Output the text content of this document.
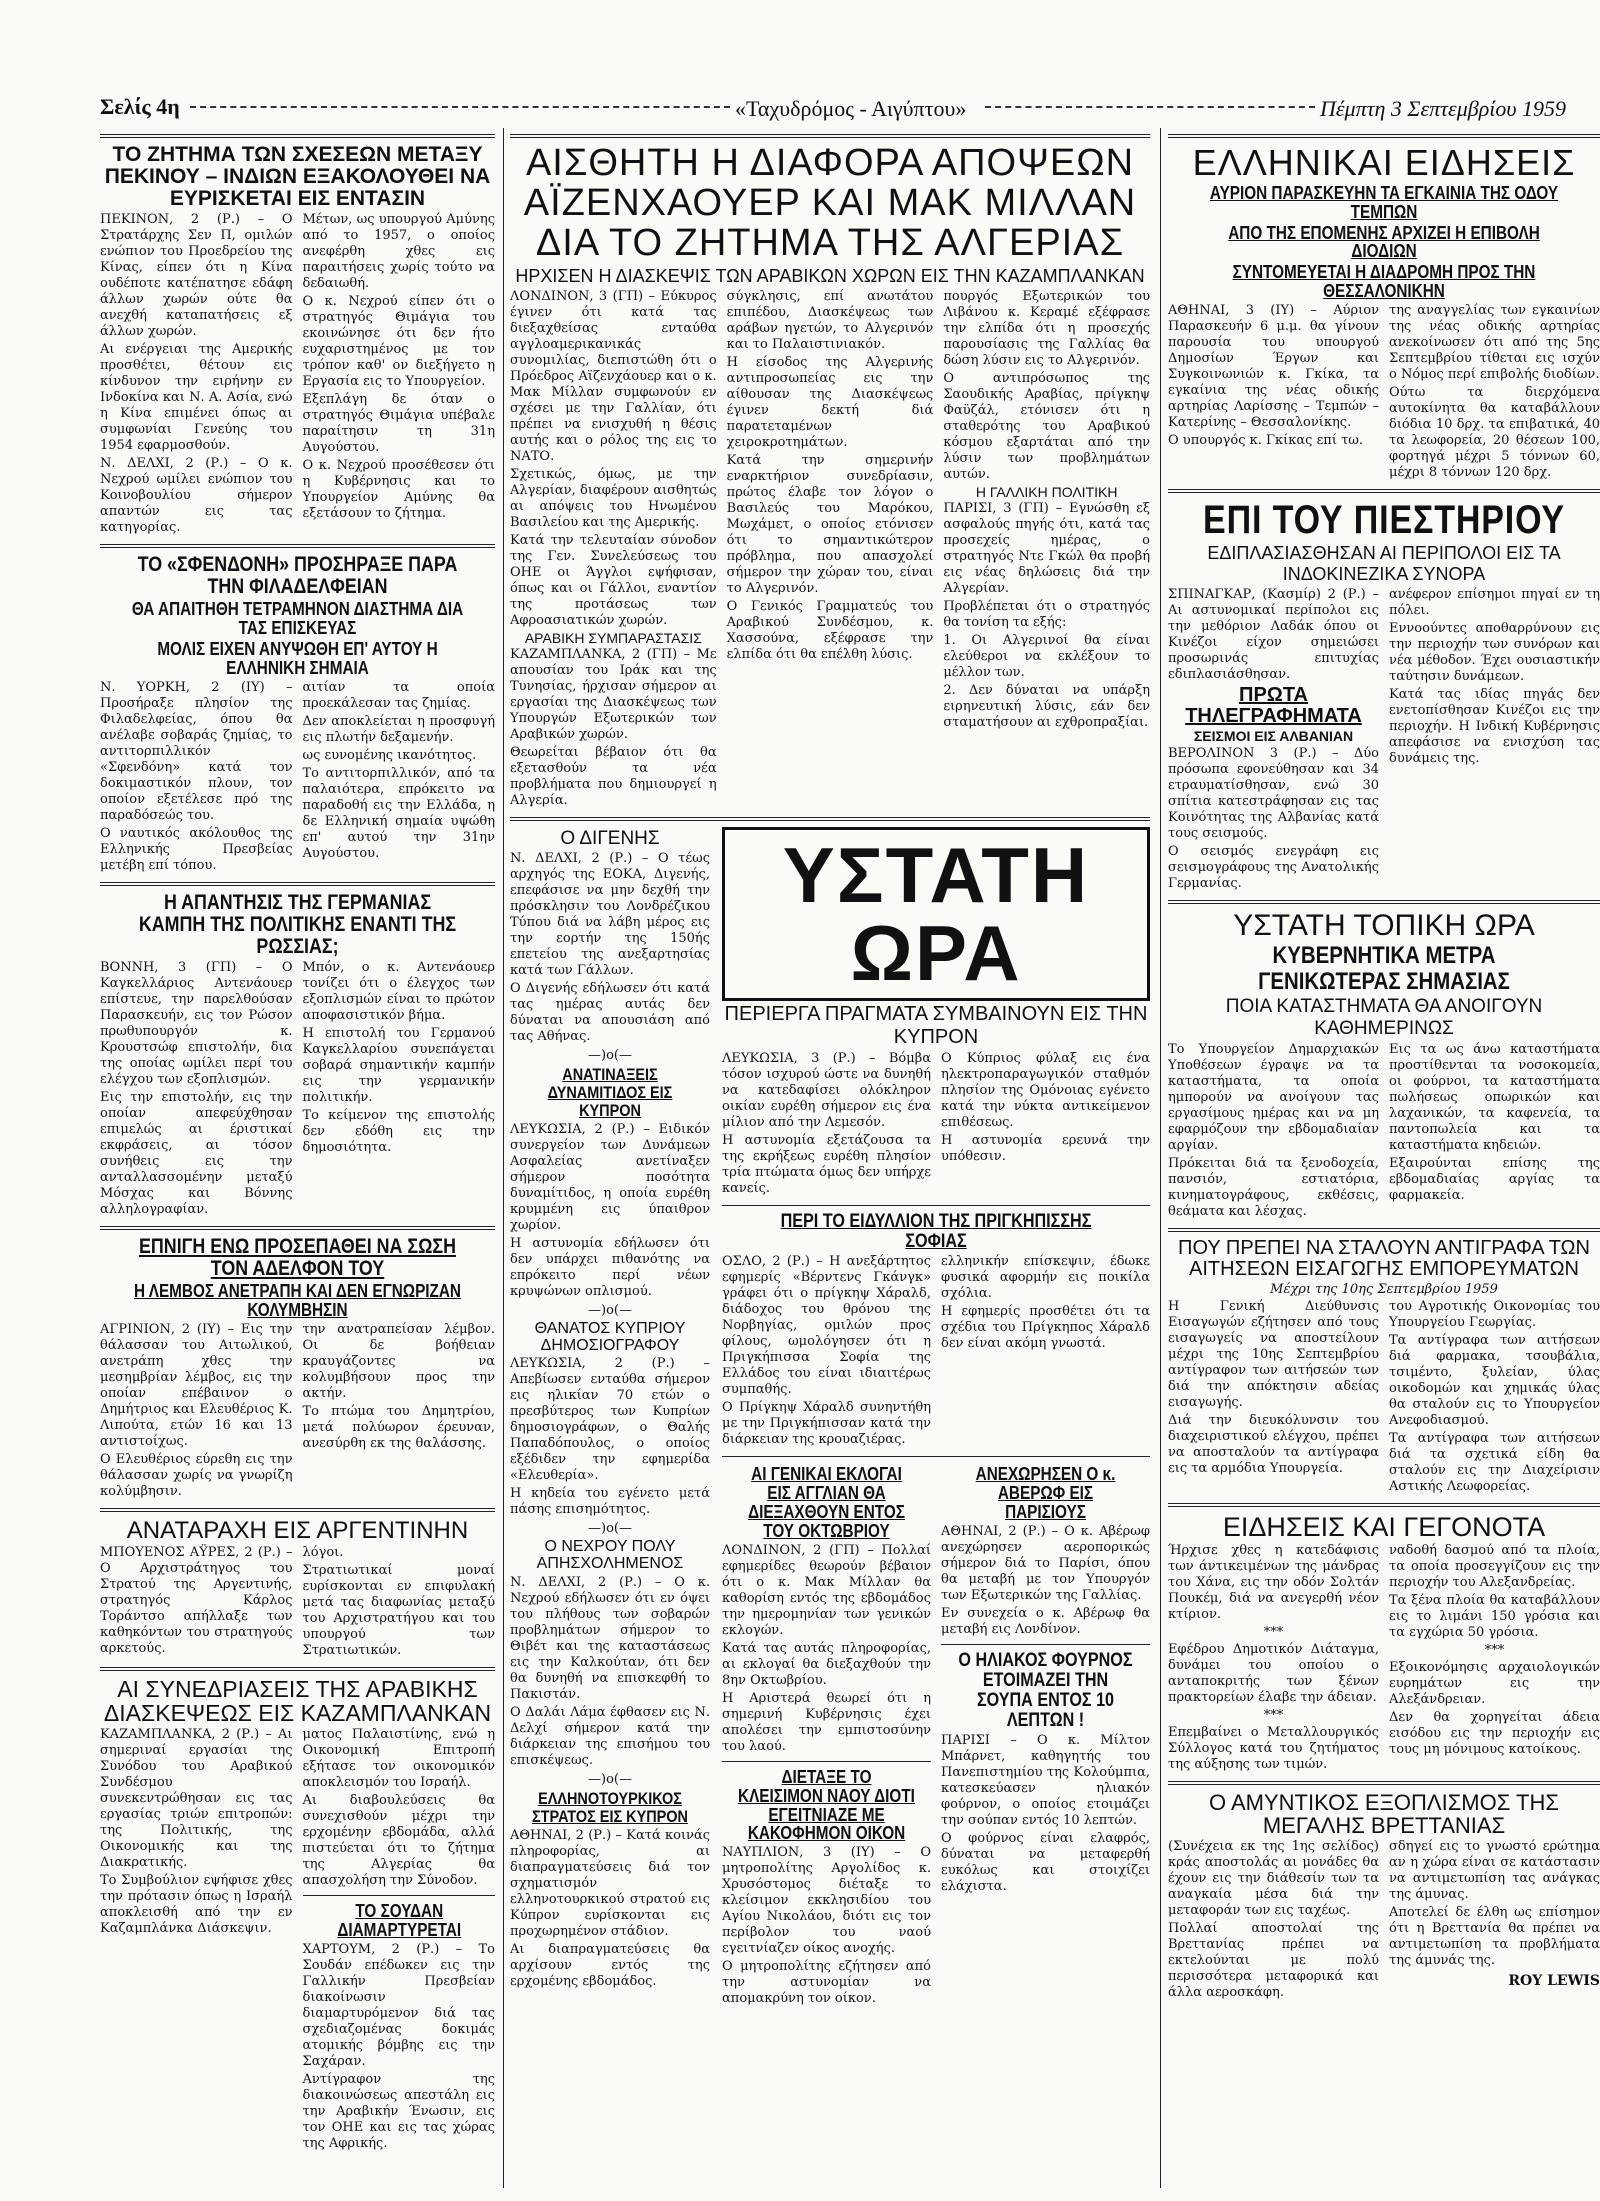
Σελίς 4η	«Ταχυδρόμος - Αιγύπτου»	Πέμπτη 3 Σεπτεμβρίου 1959
ΤΟ ΖΗΤΗΜΑ ΤΩΝ ΣΧΕΣΕΩΝ ΜΕΤΑΞΥ ΠΕΚΙΝΟΥ – ΙΝΔΙΩΝ ΕΞΑΚΟΛΟΥΘΕΙ ΝΑ ΕΥΡΙΣΚΕΤΑΙ ΕΙΣ ΕΝΤΑΣΙΝ

ΠΕΚΙΝΟΝ, 2 (Ρ.) – Ο Στρατάρχης Σεν Π, ομιλών ενώπιον του Προεδρείου της Κίνας, είπεν ότι η Κίνα ουδέποτε κατέπατησε εδάφη άλλων χωρών ούτε θα ανεχθή καταπατήσεις εξ άλλων χωρών.

Αι ενέργειαι της Αμερικής προσθέτει, θέτουν εις κίνδυνον την ειρήνην εν Ινδοκίνα και Ν. Α. Ασία, ενώ η Κίνα επιμένει όπως αι συμφωνίαι Γενεύης του 1954 εφαρμοσθούν.

Ν. ΔΕΛΧΙ, 2 (Ρ.) – Ο κ. Νεχρού ωμίλει ενώπιον του Κοινοβουλίου σήμερον απαντών εις τας κατηγορίας.

Μέτων, ως υπουργού Αμύνης από το 1957, ο οποίος ανεφέρθη χθες εις παραιτήσεις χωρίς τούτο να δεδαιωθή.

Ο κ. Νεχρού είπεν ότι ο στρατηγός Θιμάγια του εκοινώνησε ότι δεν ήτο ευχαριστημένος με τον τρόπον καθ' ον διεξήγετο η Εργασία εις το Υπουργείον.

Εξεπλάγη δε όταν ο στρατηγός Θιμάγια υπέβαλε παραίτησιν τη 31η Αυγούστου.

Ο κ. Νεχρού προσέθεσεν ότι η Κυβέρνησις και το Υπουργείον Αμύνης θα εξετάσουν το ζήτημα.

ΤΟ «ΣΦΕΝΔΟΝΗ» ΠΡΟΣΗΡΑΞΕ ΠΑΡΑ ΤΗΝ ΦΙΛΑΔΕΛΦΕΙΑΝ
ΘΑ ΑΠΑΙΤΗΘΗ ΤΕΤΡΑΜΗΝΟΝ ΔΙΑΣΤΗΜΑ ΔΙΑ ΤΑΣ ΕΠΙΣΚΕΥΑΣ
ΜΟΛΙΣ ΕΙΧΕΝ ΑΝΥΨΩΘΗ ΕΠ' ΑΥΤΟΥ Η ΕΛΛΗΝΙΚΗ ΣΗΜΑΙΑ

Ν. ΥΟΡΚΗ, 2 (ΙΥ) – Προσήραξε πλησίον της Φιλαδελφείας, όπου θα ανέλαβε σοβαράς ζημίας, το αντιτορπιλλικόν «Σφενδόνη» κατά τον δοκιμαστικόν πλουν, τον οποίον εξετέλεσε πρό της παραδόσεώς του.

Ο ναυτικός ακόλουθος της Ελληνικής Πρεσβείας μετέβη επί τόπου.

αιτίαν τα οποία προεκάλεσαν τας ζημίας.

Δεν αποκλείεται η προσφυγή εις πλωτήν δεξαμενήν.

ως ευνομένης ικανότητος.

Το αντιτορπιλλικόν, από τα παλαιότερα, επρόκειτο να παραδοθή εις την Ελλάδα, η δε Ελληνική σημαία υψώθη επ' αυτού την 31ην Αυγούστου.

Η ΑΠΑΝΤΗΣΙΣ ΤΗΣ ΓΕΡΜΑΝΙΑΣ ΚΑΜΠΗ ΤΗΣ ΠΟΛΙΤΙΚΗΣ ΕΝΑΝΤΙ ΤΗΣ ΡΩΣΣΙΑΣ;

ΒΟΝΝΗ, 3 (ΓΠ) – Ο Καγκελλάριος Αντενάουερ επίστευε, την παρελθούσαν Παρασκευήν, εις τον Ρώσον πρωθυπουργόν κ. Κρουστσώφ επιστολήν, δια της οποίας ωμίλει περί του ελέγχου των εξοπλισμών.

Εις την επιστολήν, εις την οποίαν απεφεύχθησαν επιμελώς αι έριστικαί εκφράσεις, αι τόσον συνήθεις εις την ανταλλασσομένην μεταξύ Μόσχας και Βόννης αλληλογραφίαν.

Μπόν, ο κ. Αντενάουερ τονίζει ότι ο έλεγχος των εξοπλισμών είναι το πρώτον αποφασιστικόν βήμα.

Η επιστολή του Γερμανού Καγκελλαρίου συνεπάγεται σοβαρά σημαντικήν καμπήν εις την γερμανικήν πολιτικήν.

Το κείμενον της επιστολής δεν εδόθη εις την δημοσιότητα.

ΕΠΝΙΓΗ ΕΝΩ ΠΡΟΣΕΠΑΘΕΙ ΝΑ ΣΩΣΗ ΤΟΝ ΑΔΕΛΦΟΝ ΤΟΥ
Η ΛΕΜΒΟΣ ΑΝΕΤΡΑΠΗ ΚΑΙ ΔΕΝ ΕΓΝΩΡΙΖΑΝ ΚΟΛΥΜΒΗΣΙΝ

ΑΓΡΙΝΙΟΝ, 2 (ΙΥ) – Εις την θάλασσαν του Αιτωλικού, ανετράπη χθες την μεσημβρίαν λέμβος, εις την οποίαν επέβαινον ο Δημήτριος και Ελευθέριος Κ. Λιπούτα, ετών 16 και 13 αντιστοίχως.

Ο Ελευθέριος εύρεθη εις την θάλασσαν χωρίς να γνωρίζη κολύμβησιν.

την ανατραπείσαν λέμβον. Οι δε βοήθειαν κραυγάζοντες να κολυμβήσουν προς την ακτήν.

Το πτώμα του Δημητρίου, μετά πολύωρον έρευναν, ανεσύρθη εκ της θαλάσσης.

ΑΝΑΤΑΡΑΧΗ ΕΙΣ ΑΡΓΕΝΤΙΝΗΝ

ΜΠΟΥΕΝΟΣ ΑΫΡΕΣ, 2 (Ρ.) – Ο Αρχιστράτηγος του Στρατού της Αργεντινής, στρατηγός Κάρλος Τοράντσο απήλλαξε των καθηκόντων του στρατηγούς αρκετούς.

λόγοι.

Στρατιωτικαί μοναί ευρίσκονται εν επιφυλακή μετά τας διαφωνίας μεταξύ του Αρχιστρατήγου και του υπουργού των Στρατιωτικών.

ΑΙ ΣΥΝΕΔΡΙΑΣΕΙΣ ΤΗΣ ΑΡΑΒΙΚΗΣ ΔΙΑΣΚΕΨΕΩΣ ΕΙΣ ΚΑΖΑΜΠΛΑΝΚΑΝ

ΚΑΖΑΜΠΛΑΝΚΑ, 2 (Ρ.) – Αι σημεριναί εργασίαι της Συνόδου του Αραβικού Συνδέσμου συνεκεντρώθησαν εις τας εργασίας τριών επιτροπών: της Πολιτικής, της Οικονομικής και της Διακρατικής.

Το Συμβούλιον εψήφισε χθες την πρότασιν όπως η Ισραήλ αποκλεισθή από την εν Καζαμπλάνκα Διάσκεψιν.

ματος Παλαιστίνης, ενώ η Οικονομική Επιτροπή εξήτασε τον οικονομικόν αποκλεισμόν του Ισραήλ.

Αι διαβουλεύσεις θα συνεχισθούν μέχρι την ερχομένην εβδομάδα, αλλά πιστεύεται ότι το ζήτημα της Αλγερίας θα απασχολήση την Σύνοδον.

ΤΟ ΣΟΥΔΑΝ ΔΙΑΜΑΡΤΥΡΕΤΑΙ

ΧΑΡΤΟΥΜ, 2 (Ρ.) – Το Σουδάν επέδωκεν εις την Γαλλικήν Πρεσβείαν διακοίνωσιν διαμαρτυρόμενον διά τας σχεδιαζομένας δοκιμάς ατομικής βόμβης εις την Σαχάραν.

Αντίγραφον της διακοινώσεως απεστάλη εις την Αραβικήν Ένωσιν, εις τον ΟΗΕ και εις τας χώρας της Αφρικής.

ΑΙΣΘΗΤΗ Η ΔΙΑΦΟΡΑ ΑΠΟΨΕΩΝ ΑΪΖΕΝΧΑΟΥΕΡ ΚΑΙ ΜΑΚ ΜΙΛΛΑΝ ΔΙΑ ΤΟ ΖΗΤΗΜΑ ΤΗΣ ΑΛΓΕΡΙΑΣ
ΗΡΧΙΣΕΝ Η ΔΙΑΣΚΕΨΙΣ ΤΩΝ ΑΡΑΒΙΚΩΝ ΧΩΡΩΝ ΕΙΣ ΤΗΝ ΚΑΖΑΜΠΛΑΝΚΑΝ

ΛΟΝΔΙΝΟΝ, 3 (ΓΠ) – Εύκυρος έγινεν ότι κατά τας διεξαχθείσας ενταύθα αγγλοαμερικανικάς συνομιλίας, διεπιστώθη ότι ο Πρόεδρος Αϊζενχάουερ και ο κ. Μακ Μίλλαν συμφωνούν εν σχέσει με την Γαλλίαν, ότι πρέπει να ενισχυθή η θέσις αυτής και ο ρόλος της εις το ΝΑΤΟ.

Σχετικώς, όμως, με την Αλγερίαν, διαφέρουν αισθητώς αι απόψεις του Ηνωμένου Βασιλείου και της Αμερικής.

Κατά την τελευταίαν σύνοδον της Γεν. Συνελεύσεως του ΟΗΕ οι Άγγλοι εψήφισαν, όπως και οι Γάλλοι, εναντίον της προτάσεως των Αφροασιατικών χωρών.

ΑΡΑΒΙΚΗ ΣΥΜΠΑΡΑΣΤΑΣΙΣ

ΚΑΖΑΜΠΛΑΝΚΑ, 2 (ΓΠ) – Με απουσίαν του Ιράκ και της Τυνησίας, ήρχισαν σήμερον αι εργασίαι της Διασκέψεως των Υπουργών Εξωτερικών των Αραβικών χωρών.

Θεωρείται βέβαιον ότι θα εξετασθούν τα νέα προβλήματα που δημιουργεί η Αλγερία.

σύγκλησις, επί ανωτάτου επιπέδου, Διασκέψεως των αράβων ηγετών, το Αλγερινόν και το Παλαιστινιακόν.

Η είσοδος της Αλγερινής αντιπροσωπείας εις την αίθουσαν της Διασκέψεως έγινεν δεκτή διά παρατεταμένων χειροκροτημάτων.

Κατά την σημερινήν εναρκτήριον συνεδρίασιν, πρώτος έλαβε τον λόγον ο Βασιλεύς του Μαρόκου, Μωχάμετ, ο οποίος ετόνισεν ότι το σημαντικώτερον πρόβλημα, που απασχολεί σήμερον την χώραν του, είναι το Αλγερινόν.

Ο Γενικός Γραμματεύς του Αραβικού Συνδέσμου, κ. Χασσούνα, εξέφρασε την ελπίδα ότι θα επέλθη λύσις.

πουργός Εξωτερικών του Λιβάνου κ. Κεραμέ εξέφρασε την ελπίδα ότι η προσεχής παρουσίασις της Γαλλίας θα δώση λύσιν εις το Αλγερινόν.

Ο αντιπρόσωπος της Σαουδικής Αραβίας, πρίγκηψ Φαϋζάλ, ετόνισεν ότι η σταθερότης του Αραβικού κόσμου εξαρτάται από την λύσιν των προβλημάτων αυτών.

Η ΓΑΛΛΙΚΗ ΠΟΛΙΤΙΚΗ

ΠΑΡΙΣΙ, 3 (ΓΠ) – Εγνώσθη εξ ασφαλούς πηγής ότι, κατά τας προσεχείς ημέρας, ο στρατηγός Ντε Γκώλ θα προβή εις νέας δηλώσεις διά την Αλγερίαν.

Προβλέπεται ότι ο στρατηγός θα τονίση τα εξής:

1. Οι Αλγερινοί θα είναι ελεύθεροι να εκλέξουν το μέλλον των.

2. Δεν δύναται να υπάρξη ειρηνευτική λύσις, εάν δεν σταματήσουν αι εχθροπραξίαι.

Ο ΔΙΓΕΝΗΣ

Ν. ΔΕΛΧΙ, 2 (Ρ.) – Ο τέως αρχηγός της ΕΟΚΑ, Διγενής, επεφάσισε να μην δεχθή την πρόσκλησιν του Λονδρέζικου Τύπου διά να λάβη μέρος εις την εορτήν της 150ής επετείου της ανεξαρτησίας κατά των Γάλλων.

Ο Διγενής εδήλωσεν ότι κατά τας ημέρας αυτάς δεν δύναται να απουσιάση από τας Αθήνας.

—)o(—
ΑΝΑΤΙΝΑΞΕΙΣ ΔΥΝΑΜΙΤΙΔΟΣ ΕΙΣ ΚΥΠΡΟΝ

ΛΕΥΚΩΣΙΑ, 2 (Ρ.) – Ειδικόν συνεργείον των Δυνάμεων Ασφαλείας ανετίναξεν σήμερον ποσότητα δυναμίτιδος, η οποία ευρέθη κρυμμένη εις ύπαιθρον χωρίον.

Η αστυνομία εδήλωσεν ότι δεν υπάρχει πιθανότης να επρόκειτο περί νέων κρυψώνων οπλισμού.

—)o(—
ΘΑΝΑΤΟΣ ΚΥΠΡΙΟΥ ΔΗΜΟΣΙΟΓΡΑΦΟΥ

ΛΕΥΚΩΣΙΑ, 2 (Ρ.) – Απεβίωσεν ενταύθα σήμερον εις ηλικίαν 70 ετών ο πρεσβύτερος των Κυπρίων δημοσιογράφων, ο Θαλής Παπαδόπουλος, ο οποίος εξέδιδεν την εφημερίδα «Ελευθερία».

Η κηδεία του εγένετο μετά πάσης επισημότητος.

—)o(—
Ο ΝΕΧΡΟΥ ΠΟΛΥ ΑΠΗΣΧΟΛΗΜΕΝΟΣ

Ν. ΔΕΛΧΙ, 2 (Ρ.) – Ο κ. Νεχρού εδήλωσεν ότι εν όψει του πλήθους των σοβαρών προβλημάτων σήμερον το Θιβέτ και της καταστάσεως εις την Καλκούταν, ότι δεν θα δυνηθή να επισκεφθή το Πακιστάν.

Ο Δαλάι Λάμα έφθασεν εις Ν. Δελχί σήμερον κατά την διάρκειαν της επισήμου του επισκέψεως.

—)o(—
ΕΛΛΗΝΟΤΟΥΡΚΙΚΟΣ ΣΤΡΑΤΟΣ ΕΙΣ ΚΥΠΡΟΝ

ΑΘΗΝΑΙ, 2 (Ρ.) – Κατά κοινάς πληροφορίας, αι διαπραγματεύσεις διά τον σχηματισμόν ελληνοτουρκικού στρατού εις Κύπρον ευρίσκονται εις προχωρημένον στάδιον.

Αι διαπραγματεύσεις θα αρχίσουν εντός της ερχομένης εβδομάδος.

ΥΣΤΑΤΗ ΩΡΑ
ΠΕΡΙΕΡΓΑ ΠΡΑΓΜΑΤΑ ΣΥΜΒΑΙΝΟΥΝ ΕΙΣ ΤΗΝ ΚΥΠΡΟΝ

ΛΕΥΚΩΣΙΑ, 3 (Ρ.) – Βόμβα τόσον ισχυρού ώστε να δυνηθή να κατεδαφίσει ολόκληρον οικίαν ευρέθη σήμερον εις ένα μίλιον από την Λεμεσόν.

Η αστυνομία εξετάζουσα τα της εκρήξεως ευρέθη πλησίον τρία πτώματα όμως δεν υπήρχε κανείς.

Ο Κύπριος φύλαξ εις ένα ηλεκτροπαραγωγικόν σταθμόν πλησίον της Ομόνοιας εγένετο κατά την νύκτα αντικείμενον επιθέσεως.

Η αστυνομία ερευνά την υπόθεσιν.

ΠΕΡΙ ΤΟ ΕΙΔΥΛΛΙΟΝ ΤΗΣ ΠΡΙΓΚΗΠΙΣΣΗΣ ΣΟΦΙΑΣ

ΟΣΛΟ, 2 (Ρ.) – Η ανεξάρτητος εφημερίς «Βέρντενς Γκάνγκ» γράφει ότι ο πρίγκηψ Χάραλδ, διάδοχος του θρόνου της Νορβηγίας, ομιλών προς φίλους, ωμολόγησεν ότι η Πριγκήπισσα Σοφία της Ελλάδος του είναι ιδιαιτέρως συμπαθής.

Ο Πρίγκηψ Χάραλδ συνηντήθη με την Πριγκήπισσαν κατά την διάρκειαν της κρουαζιέρας.

ελληνικήν επίσκεψιν, έδωκε φυσικά αφορμήν εις ποικίλα σχόλια.

Η εφημερίς προσθέτει ότι τα σχέδια του Πρίγκηπος Χάραλδ δεν είναι ακόμη γνωστά.

ΑΙ ΓΕΝΙΚΑΙ ΕΚΛΟΓΑΙ ΕΙΣ ΑΓΓΛΙΑΝ ΘΑ ΔΙΕΞΑΧΘΟΥΝ ΕΝΤΟΣ ΤΟΥ ΟΚΤΩΒΡΙΟΥ

ΛΟΝΔΙΝΟΝ, 2 (ΓΠ) – Πολλαί εφημερίδες θεωρούν βέβαιον ότι ο κ. Μακ Μίλλαν θα καθορίση εντός της εβδομάδος την ημερομηνίαν των γενικών εκλογών.

Κατά τας αυτάς πληροφορίας, αι εκλογαί θα διεξαχθούν την 8ην Οκτωβρίου.

Η Αριστερά θεωρεί ότι η σημερινή Κυβέρνησις έχει απολέσει την εμπιστοσύνην του λαού.

ΔΙΕΤΑΞΕ ΤΟ ΚΛΕΙΣΙΜΟΝ ΝΑΟΥ ΔΙΟΤΙ ΕΓΕΙΤΝΙΑΖΕ ΜΕ ΚΑΚΟΦΗΜΟΝ ΟΙΚΟΝ

ΝΑΥΠΛΙΟΝ, 3 (ΙΥ) – Ο μητροπολίτης Αργολίδος κ. Χρυσόστομος διέταξε το κλείσιμον εκκλησιδίου του Αγίου Νικολάου, διότι εις τον περίβολον του ναού εγειτνίαζεν οίκος ανοχής.

Ο μητροπολίτης εζήτησεν από την αστυνομίαν να απομακρύνη τον οίκον.

ΑΝΕΧΩΡΗΣΕΝ Ο κ. ΑΒΕΡΩΦ ΕΙΣ ΠΑΡΙΣΙΟΥΣ

ΑΘΗΝΑΙ, 2 (Ρ.) – Ο κ. Αβέρωφ ανεχώρησεν αεροπορικώς σήμερον διά το Παρίσι, όπου θα μεταβή με τον Υπουργόν των Εξωτερικών της Γαλλίας.

Εν συνεχεία ο κ. Αβέρωφ θα μεταβή εις Λονδίνον.

Ο ΗΛΙΑΚΟΣ ΦΟΥΡΝΟΣ ΕΤΟΙΜΑΖΕΙ ΤΗΝ ΣΟΥΠΑ ΕΝΤΟΣ 10 ΛΕΠΤΩΝ !

ΠΑΡΙΣΙ – Ο κ. Μίλτον Μπάρνετ, καθηγητής του Πανεπιστημίου της Κολούμπια, κατεσκεύασεν ηλιακόν φούρνον, ο οποίος ετοιμάζει την σούπαν εντός 10 λεπτών.

Ο φούρνος είναι ελαφρός, δύναται να μεταφερθή ευκόλως και στοιχίζει ελάχιστα.

ΕΛΛΗΝΙΚΑΙ ΕΙΔΗΣΕΙΣ
ΑΥΡΙΟΝ ΠΑΡΑΣΚΕΥΗΝ ΤΑ ΕΓΚΑΙΝΙΑ ΤΗΣ ΟΔΟΥ ΤΕΜΠΩΝ
ΑΠΟ ΤΗΣ ΕΠΟΜΕΝΗΣ ΑΡΧΙΖΕΙ Η ΕΠΙΒΟΛΗ ΔΙΟΔΙΩΝ
ΣΥΝΤΟΜΕΥΕΤΑΙ Η ΔΙΑΔΡΟΜΗ ΠΡΟΣ ΤΗΝ ΘΕΣΣΑΛΟΝΙΚΗΝ

ΑΘΗΝΑΙ, 3 (ΙΥ) – Αύριον Παρασκευήν 6 μ.μ. θα γίνουν παρουσία του υπουργού Δημοσίων Έργων και Συγκοινωνιών κ. Γκίκα, τα εγκαίνια της νέας οδικής αρτηρίας Λαρίσσης – Τεμπών – Κατερίνης – Θεσσαλονίκης.

Ο υπουργός κ. Γκίκας επί τω.

της αναγγελίας των εγκαινίων της νέας οδικής αρτηρίας ανεκοίνωσεν ότι από της 5ης Σεπτεμβρίου τίθεται εις ισχύν ο Νόμος περί επιβολής διοδίων.

Ούτω τα διερχόμενα αυτοκίνητα θα καταβάλλουν διόδια 10 δρχ. τα επιβατικά, 40 τα λεωφορεία, 20 θέσεων 100, φορτηγά μέχρι 5 τόννων 60, μέχρι 8 τόννων 120 δρχ.

ΕΠΙ ΤΟΥ ΠΙΕΣΤΗΡΙΟΥ
ΕΔΙΠΛΑΣΙΑΣΘΗΣΑΝ ΑΙ ΠΕΡΙΠΟΛΟΙ ΕΙΣ ΤΑ ΙΝΔΟΚΙΝΕΖΙΚΑ ΣΥΝΟΡΑ

ΣΠΙΝΑΓΚΑΡ, (Κασμίρ) 2 (Ρ.) – Αι αστυνομικαί περίπολοι εις την μεθόριον Λαδάκ όπου οι Κινέζοι είχον σημειώσει προσωρινάς επιτυχίας εδιπλασιάσθησαν.

ΠΡΩΤΑ ΤΗΛΕΓΡΑΦΗΜΑΤΑ
ΣΕΙΣΜΟΙ ΕΙΣ ΑΛΒΑΝΙΑΝ

ΒΕΡΟΛΙΝΟΝ 3 (Ρ.) – Δύο πρόσωπα εφονεύθησαν και 34 ετραυματίσθησαν, ενώ 30 σπίτια κατεστράφησαν εις τας Κοινότητας της Αλβανίας κατά τους σεισμούς.

Ο σεισμός ενεγράφη εις σεισμογράφους της Ανατολικής Γερμανίας.

ανέφερον επίσημοι πηγαί εν τη πόλει.

Εννοούντες αποθαρρύνουν εις την περιοχήν των συνόρων και νέα μέθοδον. Έχει ουσιαστικήν ταύτησιν δυνάμεων.

Κατά τας ιδίας πηγάς δεν ενετοπίσθησαν Κινέζοι εις την περιοχήν. Η Ινδική Κυβέρνησις απεφάσισε να ενισχύση τας δυνάμεις της.

ΥΣΤΑΤΗ ΤΟΠΙΚΗ ΩΡΑ
ΚΥΒΕΡΝΗΤΙΚΑ ΜΕΤΡΑ ΓΕΝΙΚΩΤΕΡΑΣ ΣΗΜΑΣΙΑΣ
ΠΟΙΑ ΚΑΤΑΣΤΗΜΑΤΑ ΘΑ ΑΝΟΙΓΟΥΝ ΚΑΘΗΜΕΡΙΝΩΣ

Το Υπουργείον Δημαρχιακών Υποθέσεων έγραψε να τα καταστήματα, τα οποία ημπορούν να ανοίγουν τας εργασίμους ημέρας και να μη εφαρμόζουν την εβδομαδιαίαν αργίαν.

Πρόκειται διά τα ξενοδοχεία, πανσιόν, εστιατόρια, κινηματογράφους, εκθέσεις, θεάματα και λέσχας.

Εις τα ως άνω καταστήματα προστίθενται τα νοσοκομεία, οι φούρνοι, τα καταστήματα πωλήσεως οπωρικών και λαχανικών, τα καφενεία, τα παντοπωλεία και τα καταστήματα κηδειών.

Εξαιρούνται επίσης της εβδομαδιαίας αργίας τα φαρμακεία.

ΠΟΥ ΠΡΕΠΕΙ ΝΑ ΣΤΑΛΟΥΝ ΑΝΤΙΓΡΑΦΑ ΤΩΝ ΑΙΤΗΣΕΩΝ ΕΙΣΑΓΩΓΗΣ ΕΜΠΟΡΕΥΜΑΤΩΝ
Μέχρι της 10ης Σεπτεμβρίου 1959

Η Γενική Διεύθυνσις Εισαγωγών εζήτησεν από τους εισαγωγείς να αποστείλουν μέχρι της 10ης Σεπτεμβρίου αντίγραφον των αιτήσεών των διά την απόκτησιν αδείας εισαγωγής.

Διά την διευκόλυνσιν του διαχειριστικού ελέγχου, πρέπει να αποσταλούν τα αντίγραφα εις τα αρμόδια Υπουργεία.

του Αγροτικής Οικονομίας του Υπουργείου Γεωργίας.

Τα αντίγραφα των αιτήσεων διά φαρμακα, τσουβάλια, τσιμέντο, ξυλείαν, ύλας οικοδομών και χημικάς ύλας θα σταλούν εις το Υπουργείον Ανεφοδιασμού.

Τα αντίγραφα των αιτήσεων διά τα σχετικά είδη θα σταλούν εις την Διαχείρισιν Αστικής Λεωφορείας.

ΕΙΔΗΣΕΙΣ ΚΑΙ ΓΕΓΟΝΟΤΑ

Ήρχισε χθες η κατεδάφισις των άντικειμένων της μάνδρας του Χάνα, εις την οδόν Σολτάν Πουκέμ, διά να ανεγερθή νέον κτίριον.

***

Εφέδρου Δημοτικόν Διάταγμα, δυνάμει του οποίου ο ανταποκριτής των ξένων πρακτορείων έλαβε την άδειαν.

***

Επεμβαίνει ο Μεταλλουργικός Σύλλογος κατά του ζητήματος της αύξησης των τιμών.

ναδοθή δασμού από τα πλοία, τα οποία προσεγγίζουν εις την περιοχήν του Αλεξανδρείας.

Τα ξένα πλοία θα καταβάλλουν εις το λιμάνι 150 γρόσια και τα εγχώρια 50 γρόσια.

***

Εξοικονόμησις αρχαιολογικών ευρημάτων εις την Αλεξάνδρειαν.

Δεν θα χορηγείται άδεια εισόδου εις την περιοχήν εις τους μη μόνιμους κατοίκους.

Ο ΑΜΥΝΤΙΚΟΣ ΕΞΟΠΛΙΣΜΟΣ ΤΗΣ ΜΕΓΑΛΗΣ ΒΡΕΤΤΑΝΙΑΣ

(Συνέχεια εκ της 1ης σελίδος) κράς αποστολάς αι μονάδες θα έχουν εις την διάθεσίν των τα αναγκαία μέσα διά την μεταφοράν των εις ταχέως.

Πολλαί αποστολαί της Βρεττανίας πρέπει να εκτελούνται με πολύ περισσότερα μεταφορικά και άλλα αεροσκάφη.

σδηγεί εις το γνωστό ερώτημα αν η χώρα είναι σε κατάστασιν να αντιμετωπίση τας ανάγκας της άμυνας.

Αποτελεί δε έλθη ως επίσημον ότι η Βρεττανία θα πρέπει να αντιμετωπίση τα προβλήματα της άμυνάς της.

ROY LEWIS
